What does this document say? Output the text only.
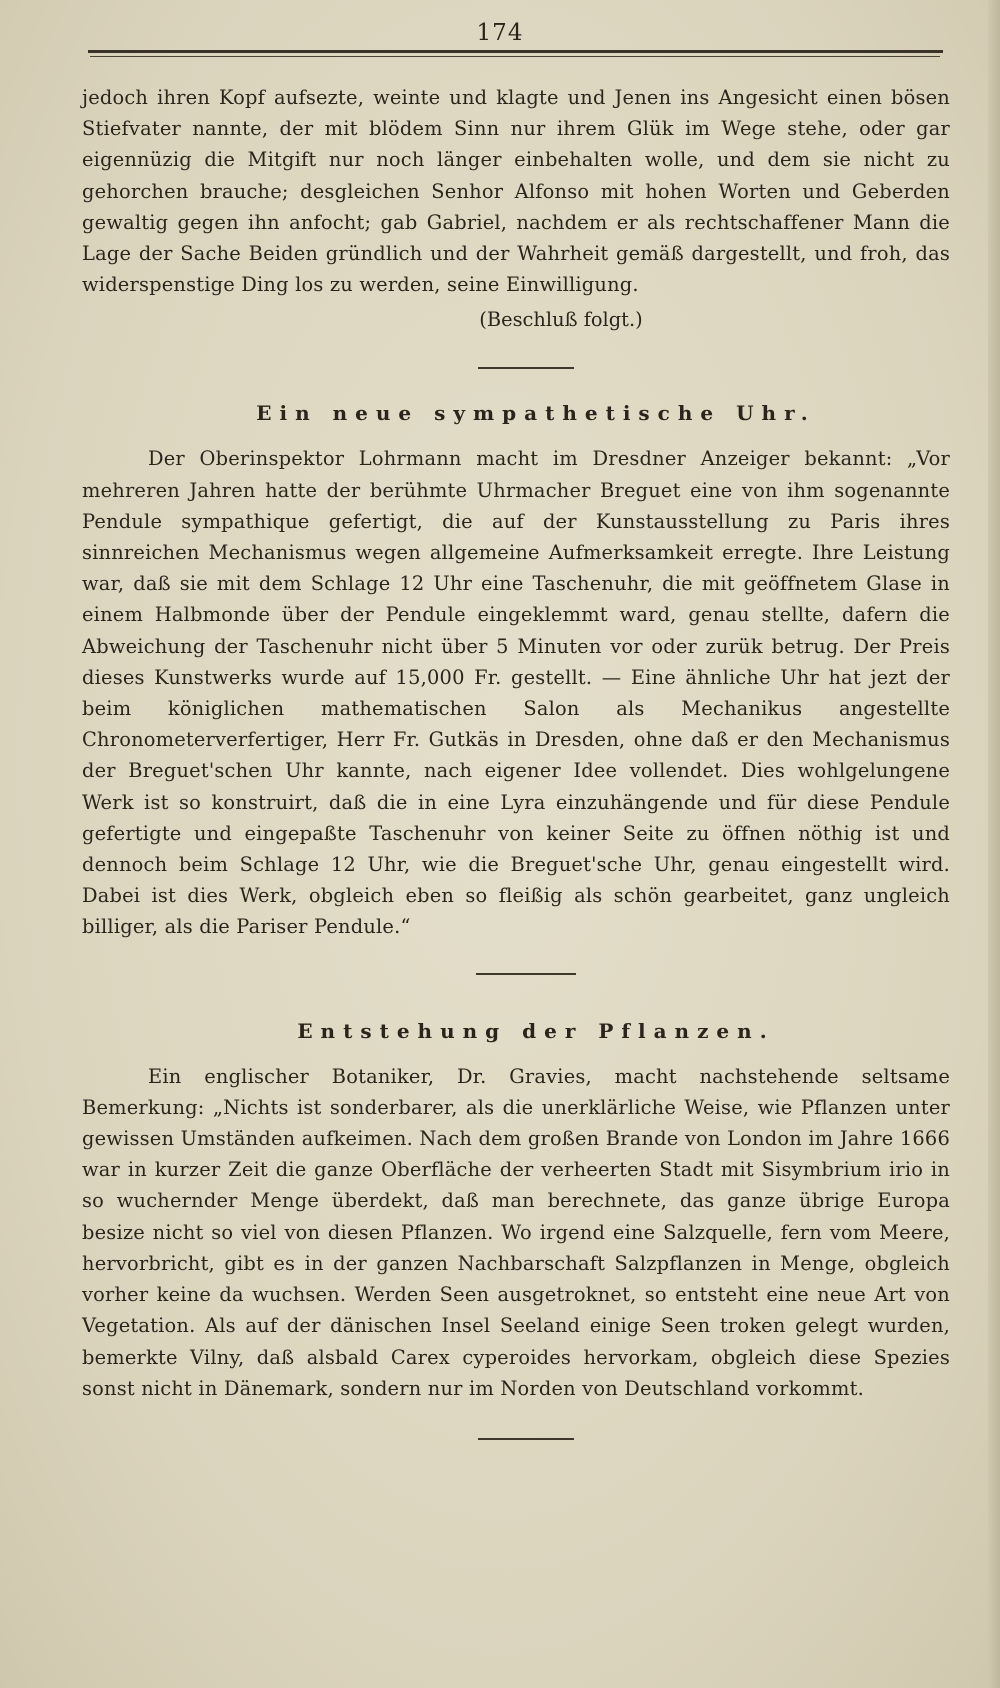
174

jedoch ihren Kopf aufsezte, weinte und klagte und Jenen ins Angesicht einen bösen Stiefvater nannte, der mit blödem Sinn nur ihrem Glük im Wege stehe, oder gar eigennüzig die Mitgift nur noch länger einbehalten wolle, und dem sie nicht zu gehorchen brauche; desgleichen Senhor Alfonso mit hohen Worten und Geberden gewaltig gegen ihn anfocht; gab Gabriel, nachdem er als rechtschaffener Mann die Lage der Sache Beiden gründlich und der Wahrheit gemäß dargestellt, und froh, das widerspenstige Ding los zu werden, seine Einwilligung.

(Beschluß folgt.)

Ein neue sympathetische Uhr.

Der Oberinspektor Lohrmann macht im Dresdner Anzeiger bekannt: „Vor mehreren Jahren hatte der berühmte Uhrmacher Breguet eine von ihm sogenannte Pendule sympathique gefertigt, die auf der Kunstausstellung zu Paris ihres sinnreichen Mechanismus wegen allgemeine Aufmerksamkeit erregte. Ihre Leistung war, daß sie mit dem Schlage 12 Uhr eine Taschenuhr, die mit geöffnetem Glase in einem Halbmonde über der Pendule eingeklemmt ward, genau stellte, dafern die Abweichung der Taschenuhr nicht über 5 Minuten vor oder zurük betrug. Der Preis dieses Kunstwerks wurde auf 15,000 Fr. gestellt. — Eine ähnliche Uhr hat jezt der beim königlichen mathematischen Salon als Mechanikus angestellte Chronometerverfertiger, Herr Fr. Gutkäs in Dresden, ohne daß er den Mechanismus der Breguet'schen Uhr kannte, nach eigener Idee vollendet. Dies wohlgelungene Werk ist so konstruirt, daß die in eine Lyra einzuhängende und für diese Pendule gefertigte und eingepaßte Taschenuhr von keiner Seite zu öffnen nöthig ist und dennoch beim Schlage 12 Uhr, wie die Breguet'sche Uhr, genau eingestellt wird. Dabei ist dies Werk, obgleich eben so fleißig als schön gearbeitet, ganz ungleich billiger, als die Pariser Pendule.“

Entstehung der Pflanzen.

Ein englischer Botaniker, Dr. Gravies, macht nachstehende seltsame Bemerkung: „Nichts ist sonderbarer, als die unerklärliche Weise, wie Pflanzen unter gewissen Umständen aufkeimen. Nach dem großen Brande von London im Jahre 1666 war in kurzer Zeit die ganze Oberfläche der verheerten Stadt mit Sisymbrium irio in so wuchernder Menge überdekt, daß man berechnete, das ganze übrige Europa besize nicht so viel von diesen Pflanzen. Wo irgend eine Salzquelle, fern vom Meere, hervorbricht, gibt es in der ganzen Nachbarschaft Salzpflanzen in Menge, obgleich vorher keine da wuchsen. Werden Seen ausgetroknet, so entsteht eine neue Art von Vegetation. Als auf der dänischen Insel Seeland einige Seen troken gelegt wurden, bemerkte Vilny, daß alsbald Carex cyperoides hervorkam, obgleich diese Spezies sonst nicht in Dänemark, sondern nur im Norden von Deutschland vorkommt.
